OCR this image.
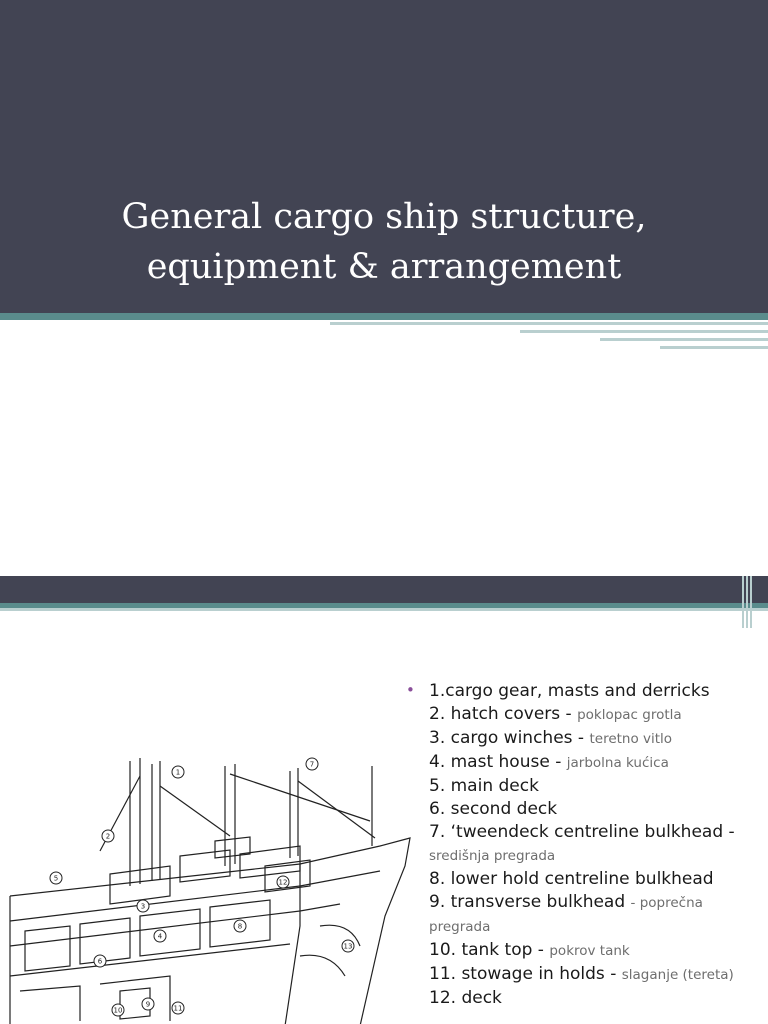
General cargo ship structure,
equipment & arrangement
1
7
2
5	12
6
3
4
8
9
10	11
13
• 1.cargo gear, masts and derricks
2. hatch covers - poklopac grotla
3. cargo winches - teretno vitlo
4. mast house - jarbolna kućica
5. main deck
6. second deck
7. ‘tweendeck centreline bulkhead - središnja pregrada
8. lower hold centreline bulkhead
9. transverse bulkhead - poprečna pregrada
10. tank top - pokrov tank
11. stowage in holds - slaganje (tereta)
12. deck
